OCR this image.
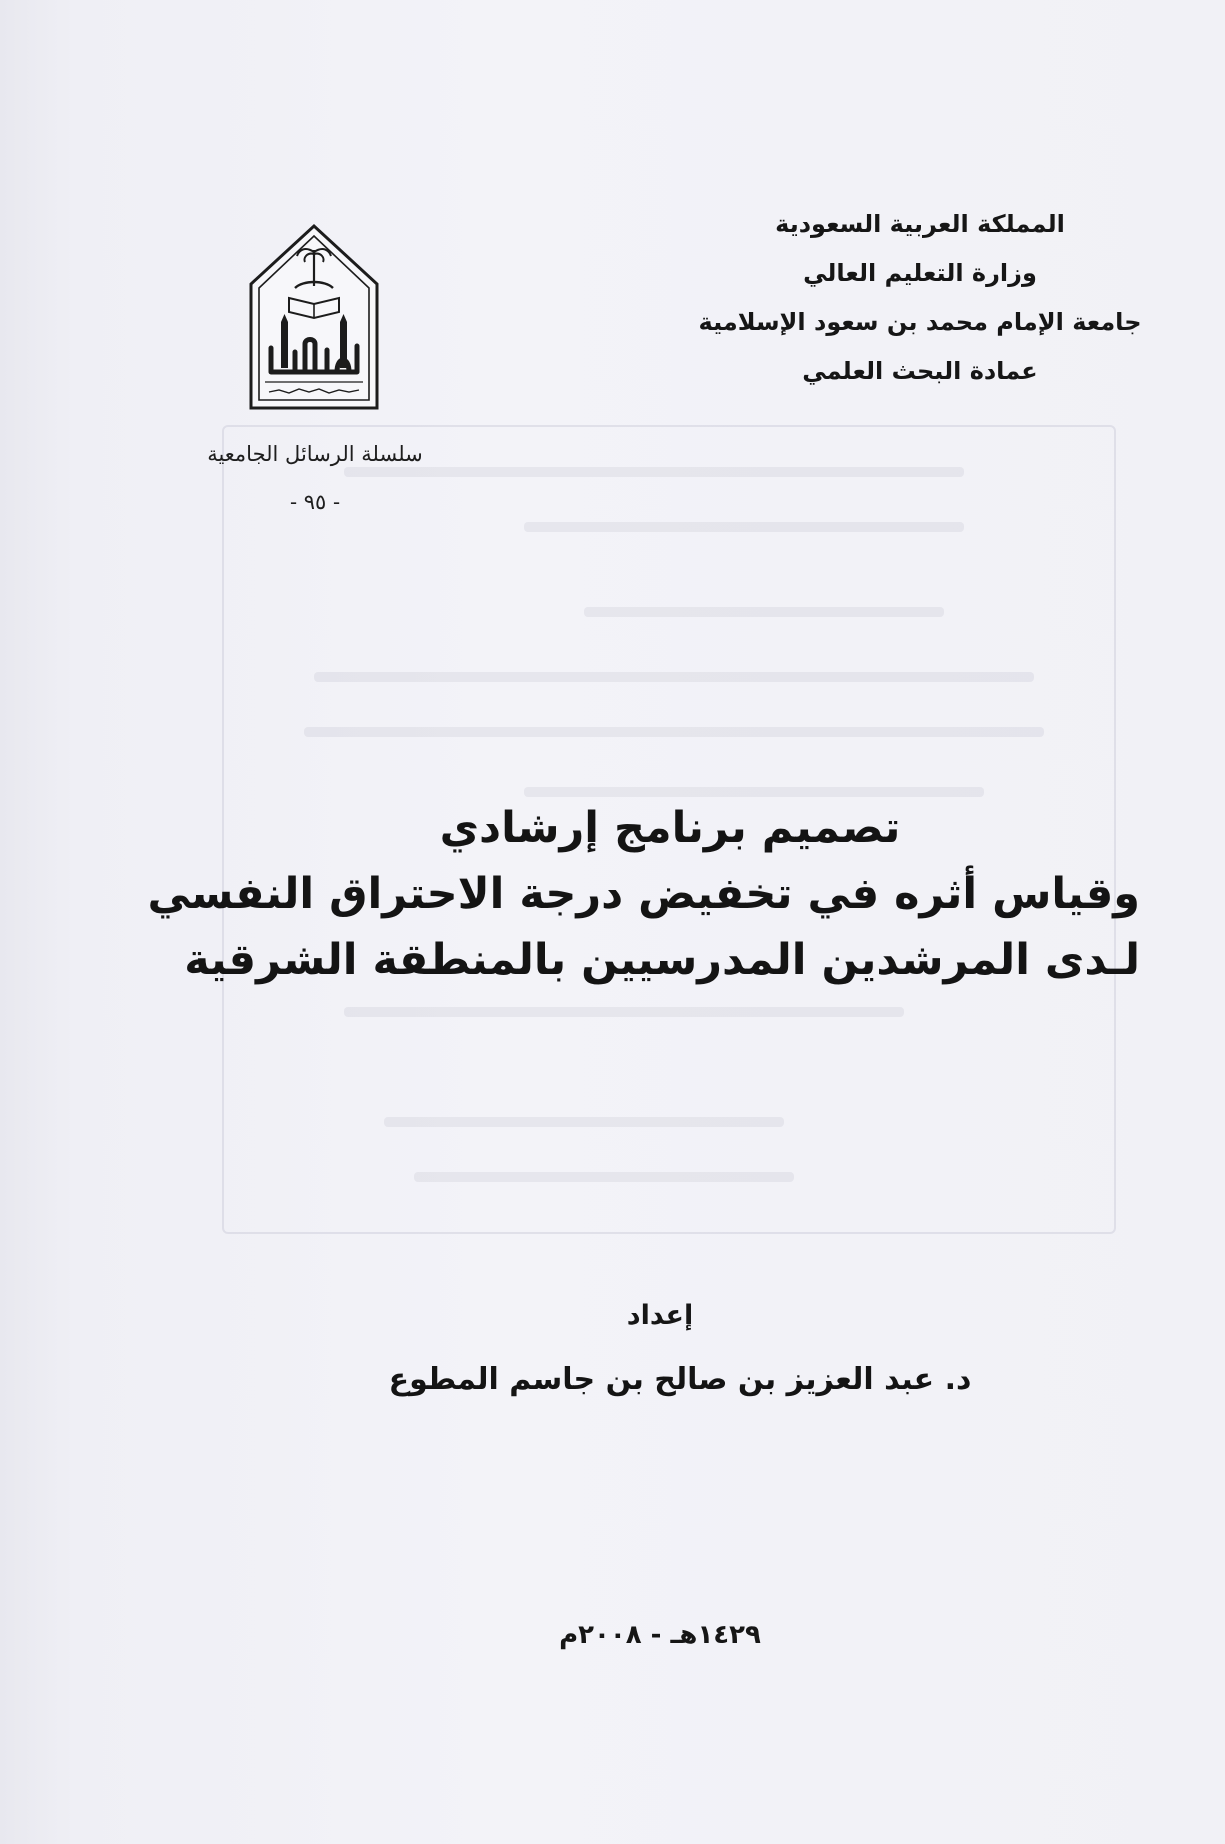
المملكة العربية السعودية
وزارة التعليم العالي
جامعة الإمام محمد بن سعود الإسلامية
عمادة البحث العلمي
سلسلة الرسائل الجامعية
- ٩٥ -
تصميم برنامج إرشادي
وقياس أثره في تخفيض درجة الاحتراق النفسي
لـدى المرشدين المدرسيين بالمنطقة الشرقية
إعداد
د. عبد العزيز بن صالح بن جاسم المطوع
١٤٢٩هـ - ٢٠٠٨م
